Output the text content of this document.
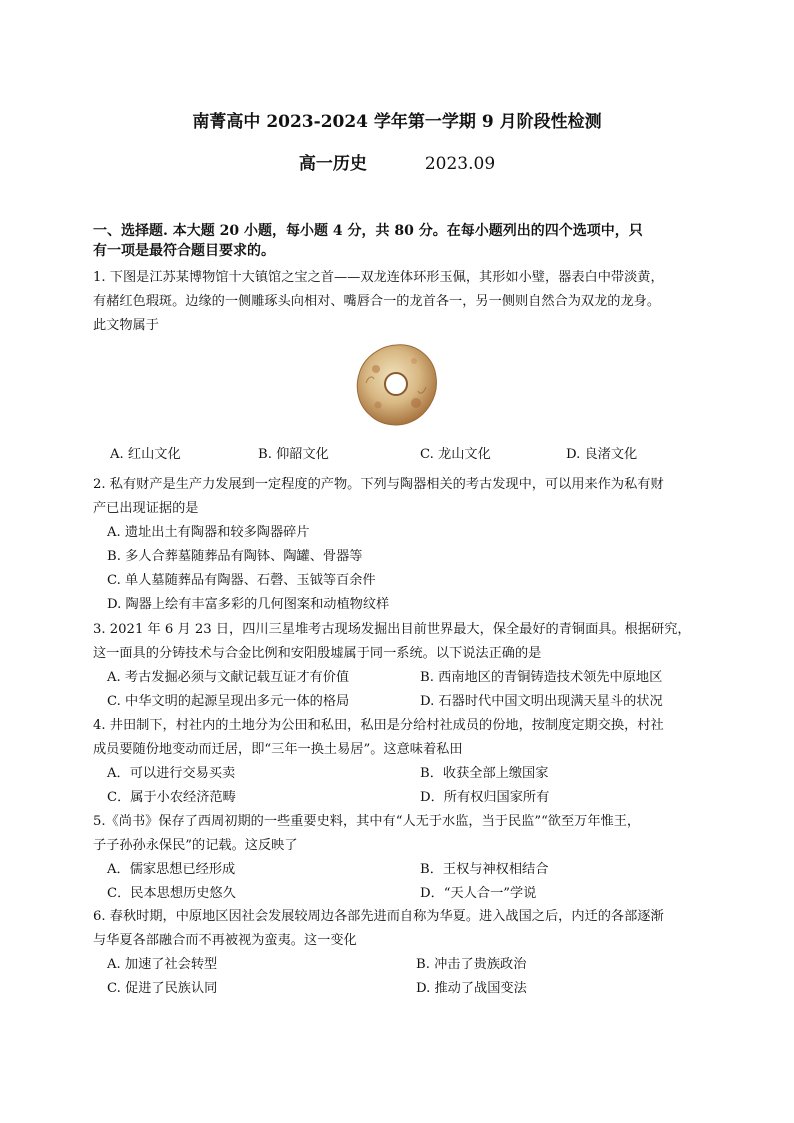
南菁高中 2023-2024 学年第一学期 9 月阶段性检测
高一历史	2023.09
一、选择题. 本大题 20 小题，每小题 4 分，共 80 分。在每小题列出的四个选项中，只
有一项是最符合题目要求的。
1. 下图是江苏某博物馆十大镇馆之宝之首——双龙连体环形玉佩，其形如小璧，器表白中带淡黄，
有赭红色瑕斑。边缘的一侧雕琢头向相对、嘴唇合一的龙首各一，另一侧则自然合为双龙的龙身。
此文物属于
A. 红山文化	B. 仰韶文化	C. 龙山文化	D. 良渚文化
2. 私有财产是生产力发展到一定程度的产物。下列与陶器相关的考古发现中，可以用来作为私有财
产已出现证据的是
A. 遗址出土有陶器和较多陶器碎片
B. 多人合葬墓随葬品有陶钵、陶罐、骨器等
C. 单人墓随葬品有陶器、石磬、玉钺等百余件
D. 陶器上绘有丰富多彩的几何图案和动植物纹样
3. 2021 年 6 月 23 日，四川三星堆考古现场发掘出目前世界最大，保全最好的青铜面具。根据研究，
这一面具的分铸技术与合金比例和安阳殷墟属于同一系统。以下说法正确的是
A. 考古发掘必须与文献记载互证才有价值	B. 西南地区的青铜铸造技术领先中原地区
C. 中华文明的起源呈现出多元一体的格局	D. 石器时代中国文明出现满天星斗的状况
4. 井田制下，村社内的土地分为公田和私田，私田是分给村社成员的份地，按制度定期交换，村社
成员要随份地变动而迁居，即“三年一换土易居”。这意味着私田
A．可以进行交易买卖	B．收获全部上缴国家
C．属于小农经济范畴	D．所有权归国家所有
5.《尚书》保存了西周初期的一些重要史料，其中有“人无于水监，当于民监”“欲至万年惟王，
子子孙孙永保民”的记载。这反映了
A．儒家思想已经形成	B．王权与神权相结合
C．民本思想历史悠久	D．“天人合一”学说
6. 春秋时期，中原地区因社会发展较周边各部先进而自称为华夏。进入战国之后，内迁的各部逐渐
与华夏各部融合而不再被视为蛮夷。这一变化
A. 加速了社会转型	B. 冲击了贵族政治
C. 促进了民族认同	D. 推动了战国变法
